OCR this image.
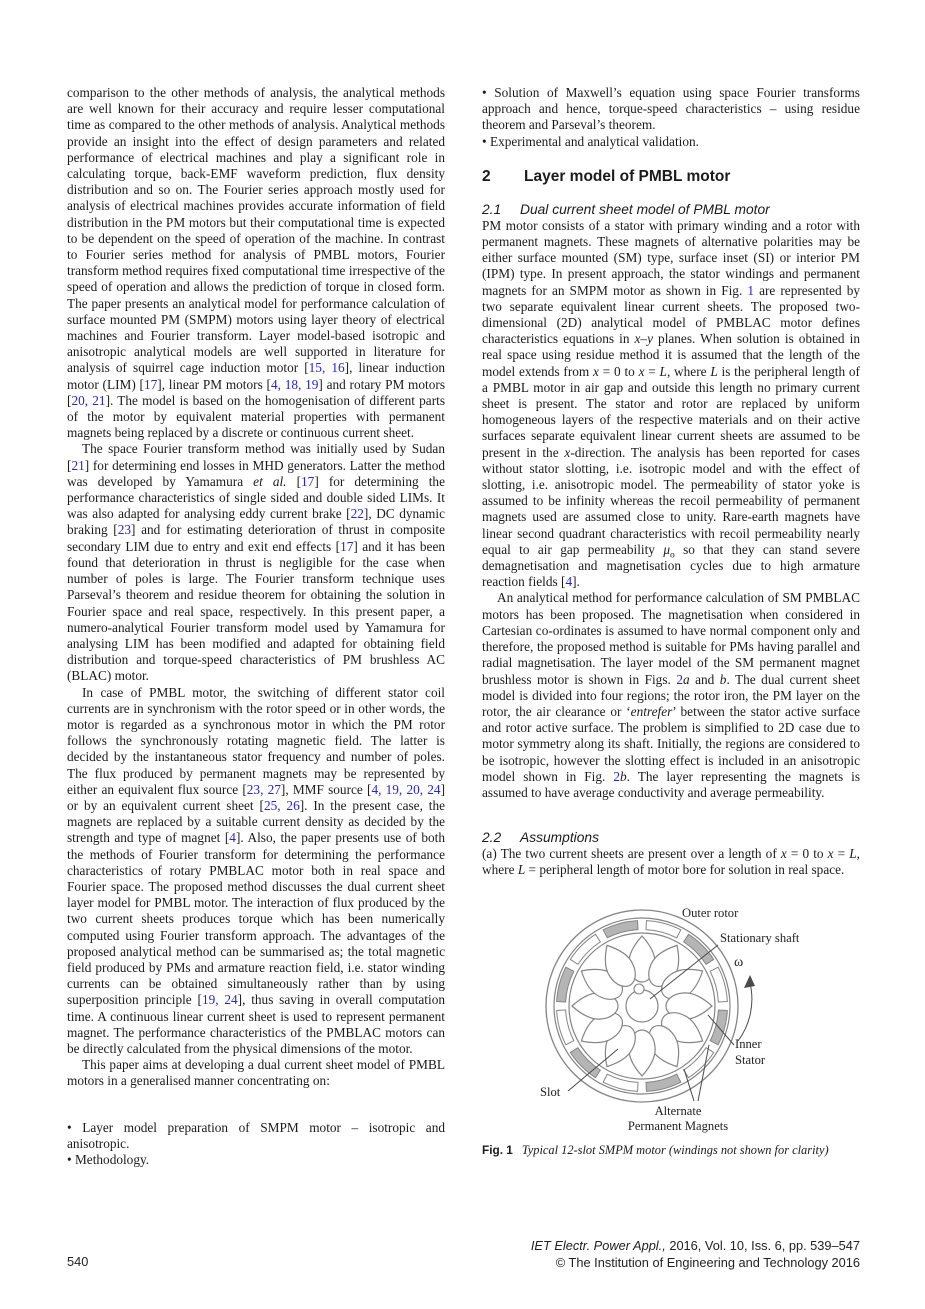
comparison to the other methods of analysis, the analytical methods are well known for their accuracy and require lesser computational time as compared to the other methods of analysis. Analytical methods provide an insight into the effect of design parameters and related performance of electrical machines and play a significant role in calculating torque, back-EMF waveform prediction, flux density distribution and so on. The Fourier series approach mostly used for analysis of electrical machines provides accurate information of field distribution in the PM motors but their computational time is expected to be dependent on the speed of operation of the machine. In contrast to Fourier series method for analysis of PMBL motors, Fourier transform method requires fixed computational time irrespective of the speed of operation and allows the prediction of torque in closed form. The paper presents an analytical model for performance calculation of surface mounted PM (SMPM) motors using layer theory of electrical machines and Fourier transform. Layer model-based isotropic and anisotropic analytical models are well supported in literature for analysis of squirrel cage induction motor [15, 16], linear induction motor (LIM) [17], linear PM motors [4, 18, 19] and rotary PM motors [20, 21]. The model is based on the homogenisation of different parts of the motor by equivalent material properties with permanent magnets being replaced by a discrete or continuous current sheet.

The space Fourier transform method was initially used by Sudan [21] for determining end losses in MHD generators. Latter the method was developed by Yamamura et al. [17] for determining the performance characteristics of single sided and double sided LIMs. It was also adapted for analysing eddy current brake [22], DC dynamic braking [23] and for estimating deterioration of thrust in composite secondary LIM due to entry and exit end effects [17] and it has been found that deterioration in thrust is negligible for the case when number of poles is large. The Fourier transform technique uses Parseval’s theorem and residue theorem for obtaining the solution in Fourier space and real space, respectively. In this present paper, a numero-analytical Fourier transform model used by Yamamura for analysing LIM has been modified and adapted for obtaining field distribution and torque-speed characteristics of PM brushless AC (BLAC) motor.

In case of PMBL motor, the switching of different stator coil currents are in synchronism with the rotor speed or in other words, the motor is regarded as a synchronous motor in which the PM rotor follows the synchronously rotating magnetic field. The latter is decided by the instantaneous stator frequency and number of poles. The flux produced by permanent magnets may be represented by either an equivalent flux source [23, 27], MMF source [4, 19, 20, 24] or by an equivalent current sheet [25, 26]. In the present case, the magnets are replaced by a suitable current density as decided by the strength and type of magnet [4]. Also, the paper presents use of both the methods of Fourier transform for determining the performance characteristics of rotary PMBLAC motor both in real space and Fourier space. The proposed method discusses the dual current sheet layer model for PMBL motor. The interaction of flux produced by the two current sheets produces torque which has been numerically computed using Fourier transform approach. The advantages of the proposed analytical method can be summarised as; the total magnetic field produced by PMs and armature reaction field, i.e. stator winding currents can be obtained simultaneously rather than by using superposition principle [19, 24], thus saving in overall computation time. A continuous linear current sheet is used to represent permanent magnet. The performance characteristics of the PMBLAC motors can be directly calculated from the physical dimensions of the motor.

This paper aims at developing a dual current sheet model of PMBL motors in a generalised manner concentrating on:

• Layer model preparation of SMPM motor – isotropic and anisotropic.

• Methodology.

• Solution of Maxwell’s equation using space Fourier transforms approach and hence, torque-speed characteristics – using residue theorem and Parseval’s theorem.

• Experimental and analytical validation.

2	Layer model of PMBL motor
2.1	Dual current sheet model of PMBL motor

PM motor consists of a stator with primary winding and a rotor with permanent magnets. These magnets of alternative polarities may be either surface mounted (SM) type, surface inset (SI) or interior PM (IPM) type. In present approach, the stator windings and permanent magnets for an SMPM motor as shown in Fig. 1 are represented by two separate equivalent linear current sheets. The proposed two-dimensional (2D) analytical model of PMBLAC motor defines characteristics equations in x–y planes. When solution is obtained in real space using residue method it is assumed that the length of the model extends from x = 0 to x = L, where L is the peripheral length of a PMBL motor in air gap and outside this length no primary current sheet is present. The stator and rotor are replaced by uniform homogeneous layers of the respective materials and on their active surfaces separate equivalent linear current sheets are assumed to be present in the x-direction. The analysis has been reported for cases without stator slotting, i.e. isotropic model and with the effect of slotting, i.e. anisotropic model. The permeability of stator yoke is assumed to be infinity whereas the recoil permeability of permanent magnets used are assumed close to unity. Rare-earth magnets have linear second quadrant characteristics with recoil permeability nearly equal to air gap permeability $\mu_o$ so that they can stand severe demagnetisation and magnetisation cycles due to high armature reaction fields [4].

An analytical method for performance calculation of SM PMBLAC motors has been proposed. The magnetisation when considered in Cartesian co-ordinates is assumed to have normal component only and therefore, the proposed method is suitable for PMs having parallel and radial magnetisation. The layer model of the SM permanent magnet brushless motor is shown in Figs. 2a and b. The dual current sheet model is divided into four regions; the rotor iron, the PM layer on the rotor, the air clearance or ‘entrefer’ between the stator active surface and rotor active surface. The problem is simplified to 2D case due to motor symmetry along its shaft. Initially, the regions are considered to be isotropic, however the slotting effect is included in an anisotropic model shown in Fig. 2b. The layer representing the magnets is assumed to have average conductivity and average permeability.

2.2	Assumptions

(a) The two current sheets are present over a length of x = 0 to x = L, where L = peripheral length of motor bore for solution in real space.

Outer rotor
Stationary shaft
ω
Inner
Stator
Slot
Alternate
Permanent Magnets

Fig. 1 Typical 12-slot SMPM motor (windings not shown for clarity)

IET Electr. Power Appl., 2016, Vol. 10, Iss. 6, pp. 539–547
© The Institution of Engineering and Technology 2016
540
